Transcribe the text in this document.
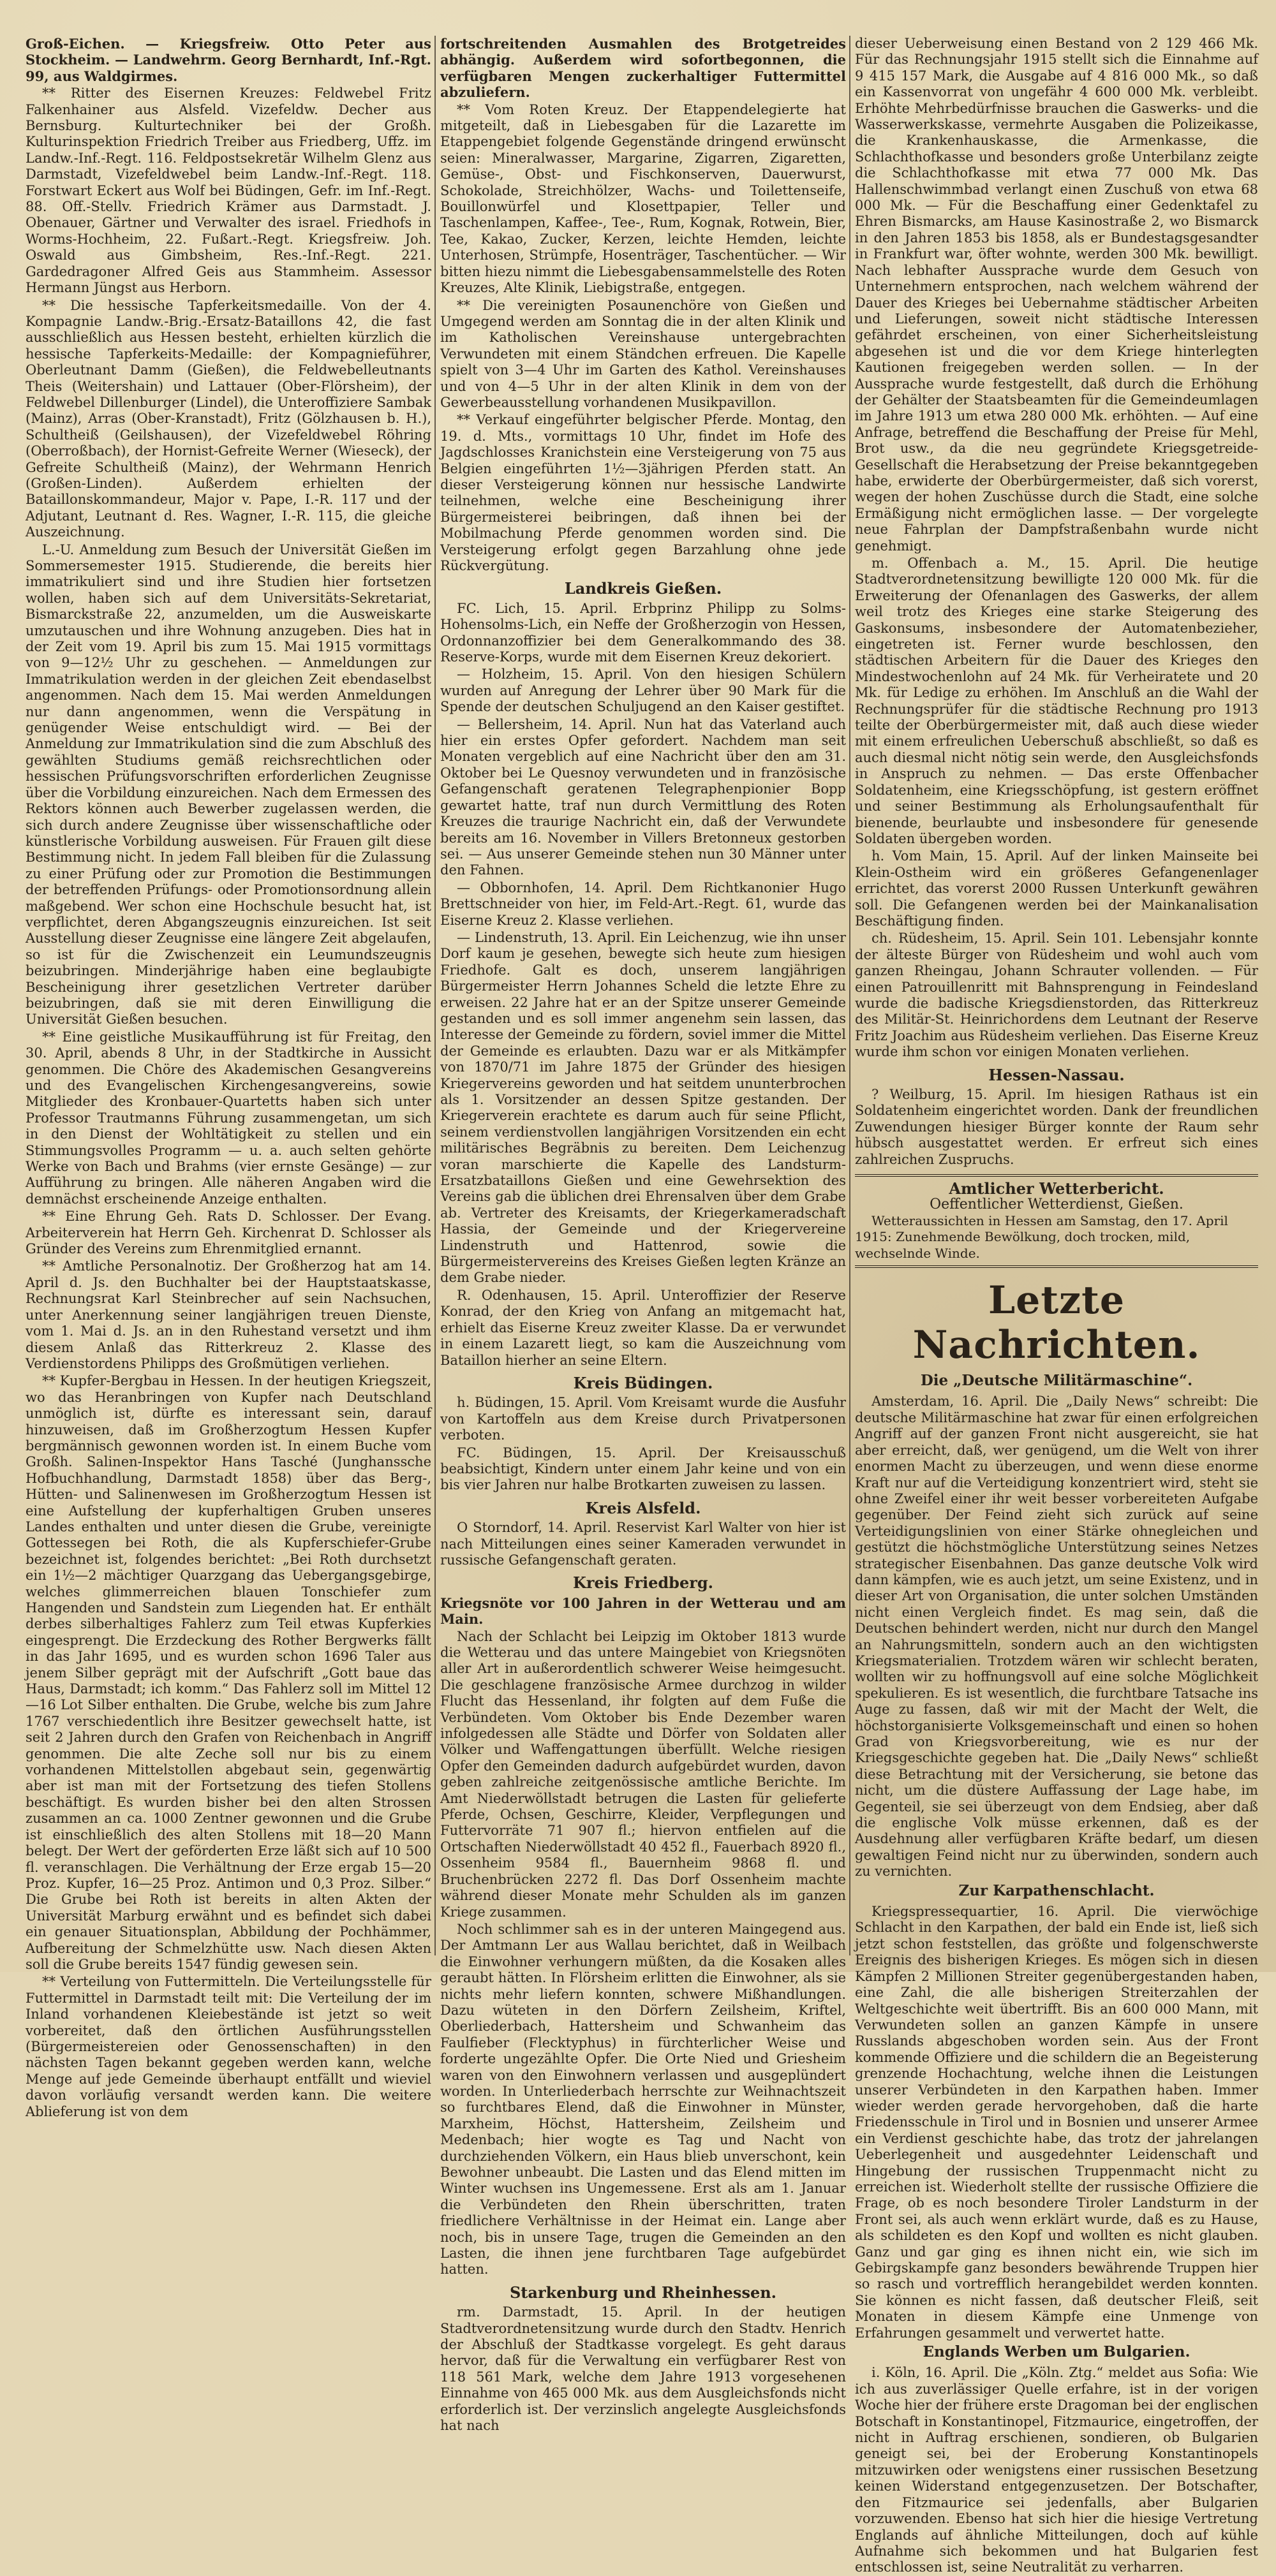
Groß-Eichen. — Kriegsfreiw. Otto Peter aus Stockheim. — Landwehrm. Georg Bernhardt, Inf.-Rgt. 99, aus Waldgirmes.

** Ritter des Eisernen Kreuzes: Feldwebel Fritz Falkenhainer aus Alsfeld. Vizefeldw. Decher aus Bernsburg. Kulturtechniker bei der Großh. Kulturinspektion Friedrich Treiber aus Friedberg, Uffz. im Landw.-Inf.-Regt. 116. Feldpostsekretär Wilhelm Glenz aus Darmstadt, Vizefeldwebel beim Landw.-Inf.-Regt. 118. Forstwart Eckert aus Wolf bei Büdingen, Gefr. im Inf.-Regt. 88. Off.-Stellv. Friedrich Krämer aus Darmstadt. J. Obenauer, Gärtner und Verwalter des israel. Friedhofs in Worms-Hochheim, 22. Fußart.-Regt. Kriegsfreiw. Joh. Oswald aus Gimbsheim, Res.-Inf.-Regt. 221. Gardedragoner Alfred Geis aus Stammheim. Assessor Hermann Jüngst aus Herborn.

** Die hessische Tapferkeitsmedaille. Von der 4. Kompagnie Landw.-Brig.-Ersatz-Bataillons 42, die fast ausschließlich aus Hessen besteht, erhielten kürzlich die hessische Tapferkeits-Medaille: der Kompagnieführer, Oberleutnant Damm (Gießen), die Feldwebelleutnants Theis (Weitershain) und Lattauer (Ober-Flörsheim), der Feldwebel Dillenburger (Lindel), die Unteroffiziere Sambak (Mainz), Arras (Ober-Kranstadt), Fritz (Gölzhausen b. H.), Schultheiß (Geilshausen), der Vizefeldwebel Röhring (Oberroßbach), der Hornist-Gefreite Werner (Wieseck), der Gefreite Schultheiß (Mainz), der Wehrmann Henrich (Großen-Linden). Außerdem erhielten der Bataillonskommandeur, Major v. Pape, I.-R. 117 und der Adjutant, Leutnant d. Res. Wagner, I.-R. 115, die gleiche Auszeichnung.

L.-U. Anmeldung zum Besuch der Universität Gießen im Sommersemester 1915. Studierende, die bereits hier immatrikuliert sind und ihre Studien hier fortsetzen wollen, haben sich auf dem Universitäts-Sekretariat, Bismarckstraße 22, anzumelden, um die Ausweiskarte umzutauschen und ihre Wohnung anzugeben. Dies hat in der Zeit vom 19. April bis zum 15. Mai 1915 vormittags von 9—12½ Uhr zu geschehen. — Anmeldungen zur Immatrikulation werden in der gleichen Zeit ebendaselbst angenommen. Nach dem 15. Mai werden Anmeldungen nur dann angenommen, wenn die Verspätung in genügender Weise entschuldigt wird. — Bei der Anmeldung zur Immatrikulation sind die zum Abschluß des gewählten Studiums gemäß reichsrechtlichen oder hessischen Prüfungsvorschriften erforderlichen Zeugnisse über die Vorbildung einzureichen. Nach dem Ermessen des Rektors können auch Bewerber zugelassen werden, die sich durch andere Zeugnisse über wissenschaftliche oder künstlerische Vorbildung ausweisen. Für Frauen gilt diese Bestimmung nicht. In jedem Fall bleiben für die Zulassung zu einer Prüfung oder zur Promotion die Bestimmungen der betreffenden Prüfungs- oder Promotionsordnung allein maßgebend. Wer schon eine Hochschule besucht hat, ist verpflichtet, deren Abgangszeugnis einzureichen. Ist seit Ausstellung dieser Zeugnisse eine längere Zeit abgelaufen, so ist für die Zwischenzeit ein Leumundszeugnis beizubringen. Minderjährige haben eine beglaubigte Bescheinigung ihrer gesetzlichen Vertreter darüber beizubringen, daß sie mit deren Einwilligung die Universität Gießen besuchen.

** Eine geistliche Musikaufführung ist für Freitag, den 30. April, abends 8 Uhr, in der Stadtkirche in Aussicht genommen. Die Chöre des Akademischen Gesangvereins und des Evangelischen Kirchengesangvereins, sowie Mitglieder des Kronbauer-Quartetts haben sich unter Professor Trautmanns Führung zusammengetan, um sich in den Dienst der Wohltätigkeit zu stellen und ein Stimmungsvolles Programm — u. a. auch selten gehörte Werke von Bach und Brahms (vier ernste Gesänge) — zur Aufführung zu bringen. Alle näheren Angaben wird die demnächst erscheinende Anzeige enthalten.

** Eine Ehrung Geh. Rats D. Schlosser. Der Evang. Arbeiterverein hat Herrn Geh. Kirchenrat D. Schlosser als Gründer des Vereins zum Ehrenmitglied ernannt.

** Amtliche Personalnotiz. Der Großherzog hat am 14. April d. Js. den Buchhalter bei der Hauptstaatskasse, Rechnungsrat Karl Steinbrecher auf sein Nachsuchen, unter Anerkennung seiner langjährigen treuen Dienste, vom 1. Mai d. Js. an in den Ruhestand versetzt und ihm diesem Anlaß das Ritterkreuz 2. Klasse des Verdienstordens Philipps des Großmütigen verliehen.

** Kupfer-Bergbau in Hessen. In der heutigen Kriegszeit, wo das Heranbringen von Kupfer nach Deutschland unmöglich ist, dürfte es interessant sein, darauf hinzuweisen, daß im Großherzogtum Hessen Kupfer bergmännisch gewonnen worden ist. In einem Buche vom Großh. Salinen-Inspektor Hans Tasché (Junghanssche Hofbuchhandlung, Darmstadt 1858) über das Berg-, Hütten- und Salinenwesen im Großherzogtum Hessen ist eine Aufstellung der kupferhaltigen Gruben unseres Landes enthalten und unter diesen die Grube, vereinigte Gottessegen bei Roth, die als Kupferschiefer-Grube bezeichnet ist, folgendes berichtet: „Bei Roth durchsetzt ein 1½—2 mächtiger Quarzgang das Uebergangsgebirge, welches glimmerreichen blauen Tonschiefer zum Hangenden und Sandstein zum Liegenden hat. Er enthält derbes silberhaltiges Fahlerz zum Teil etwas Kupferkies eingesprengt. Die Erzdeckung des Rother Bergwerks fällt in das Jahr 1695, und es wurden schon 1696 Taler aus jenem Silber geprägt mit der Aufschrift „Gott baue das Haus, Darmstadt; ich komm.“ Das Fahlerz soll im Mittel 12—16 Lot Silber enthalten. Die Grube, welche bis zum Jahre 1767 verschiedentlich ihre Besitzer gewechselt hatte, ist seit 2 Jahren durch den Grafen von Reichenbach in Angriff genommen. Die alte Zeche soll nur bis zu einem vorhandenen Mittelstollen abgebaut sein, gegenwärtig aber ist man mit der Fortsetzung des tiefen Stollens beschäftigt. Es wurden bisher bei den alten Strossen zusammen an ca. 1000 Zentner gewonnen und die Grube ist einschließlich des alten Stollens mit 18—20 Mann belegt. Der Wert der geförderten Erze läßt sich auf 10 500 fl. veranschlagen. Die Verhältnung der Erze ergab 15—20 Proz. Kupfer, 16—25 Proz. Antimon und 0,3 Proz. Silber.“ Die Grube bei Roth ist bereits in alten Akten der Universität Marburg erwähnt und es befindet sich dabei ein genauer Situationsplan, Abbildung der Pochhämmer, Aufbereitung der Schmelzhütte usw. Nach diesen Akten soll die Grube bereits 1547 fündig gewesen sein.

** Verteilung von Futtermitteln. Die Verteilungsstelle für Futtermittel in Darmstadt teilt mit: Die Verteilung der im Inland vorhandenen Kleiebestände ist jetzt so weit vorbereitet, daß den örtlichen Ausführungsstellen (Bürgermeistereien oder Genossenschaften) in den nächsten Tagen bekannt gegeben werden kann, welche Menge auf jede Gemeinde überhaupt entfällt und wieviel davon vorläufig versandt werden kann. Die weitere Ablieferung ist von dem

fortschreitenden Ausmahlen des Brotgetreides abhängig. Außerdem wird sofortbegonnen, die verfügbaren Mengen zuckerhaltiger Futtermittel abzuliefern.

** Vom Roten Kreuz. Der Etappendelegierte hat mitgeteilt, daß in Liebesgaben für die Lazarette im Etappengebiet folgende Gegenstände dringend erwünscht seien: Mineralwasser, Margarine, Zigarren, Zigaretten, Gemüse-, Obst- und Fischkonserven, Dauerwurst, Schokolade, Streichhölzer, Wachs- und Toilettenseife, Bouillonwürfel und Klosettpapier, Teller und Taschenlampen, Kaffee-, Tee-, Rum, Kognak, Rotwein, Bier, Tee, Kakao, Zucker, Kerzen, leichte Hemden, leichte Unterhosen, Strümpfe, Hosenträger, Taschentücher. — Wir bitten hiezu nimmt die Liebesgabensammelstelle des Roten Kreuzes, Alte Klinik, Liebigstraße, entgegen.

** Die vereinigten Posaunenchöre von Gießen und Umgegend werden am Sonntag die in der alten Klinik und im Katholischen Vereinshause untergebrachten Verwundeten mit einem Ständchen erfreuen. Die Kapelle spielt von 3—4 Uhr im Garten des Kathol. Vereinshauses und von 4—5 Uhr in der alten Klinik in dem von der Gewerbeausstellung vorhandenen Musikpavillon.

** Verkauf eingeführter belgischer Pferde. Montag, den 19. d. Mts., vormittags 10 Uhr, findet im Hofe des Jagdschlosses Kranichstein eine Versteigerung von 75 aus Belgien eingeführten 1½—3jährigen Pferden statt. An dieser Versteigerung können nur hessische Landwirte teilnehmen, welche eine Bescheinigung ihrer Bürgermeisterei beibringen, daß ihnen bei der Mobilmachung Pferde genommen worden sind. Die Versteigerung erfolgt gegen Barzahlung ohne jede Rückvergütung.

Landkreis Gießen.

FC. Lich, 15. April. Erbprinz Philipp zu Solms-Hohensolms-Lich, ein Neffe der Großherzogin von Hessen, Ordonnanzoffizier bei dem Generalkommando des 38. Reserve-Korps, wurde mit dem Eisernen Kreuz dekoriert.

— Holzheim, 15. April. Von den hiesigen Schülern wurden auf Anregung der Lehrer über 90 Mark für die Spende der deutschen Schuljugend an den Kaiser gestiftet.

— Bellersheim, 14. April. Nun hat das Vaterland auch hier ein erstes Opfer gefordert. Nachdem man seit Monaten vergeblich auf eine Nachricht über den am 31. Oktober bei Le Quesnoy verwundeten und in französische Gefangenschaft geratenen Telegraphenpionier Bopp gewartet hatte, traf nun durch Vermittlung des Roten Kreuzes die traurige Nachricht ein, daß der Verwundete bereits am 16. November in Villers Bretonneux gestorben sei. — Aus unserer Gemeinde stehen nun 30 Männer unter den Fahnen.

— Obbornhofen, 14. April. Dem Richtkanonier Hugo Brettschneider von hier, im Feld-Art.-Regt. 61, wurde das Eiserne Kreuz 2. Klasse verliehen.

— Lindenstruth, 13. April. Ein Leichenzug, wie ihn unser Dorf kaum je gesehen, bewegte sich heute zum hiesigen Friedhofe. Galt es doch, unserem langjährigen Bürgermeister Herrn Johannes Scheld die letzte Ehre zu erweisen. 22 Jahre hat er an der Spitze unserer Gemeinde gestanden und es soll immer angenehm sein lassen, das Interesse der Gemeinde zu fördern, soviel immer die Mittel der Gemeinde es erlaubten. Dazu war er als Mitkämpfer von 1870/71 im Jahre 1875 der Gründer des hiesigen Kriegervereins geworden und hat seitdem ununterbrochen als 1. Vorsitzender an dessen Spitze gestanden. Der Kriegerverein erachtete es darum auch für seine Pflicht, seinem verdienstvollen langjährigen Vorsitzenden ein echt militärisches Begräbnis zu bereiten. Dem Leichenzug voran marschierte die Kapelle des Landsturm-Ersatzbataillons Gießen und eine Gewehrsektion des Vereins gab die üblichen drei Ehrensalven über dem Grabe ab. Vertreter des Kreisamts, der Kriegerkameradschaft Hassia, der Gemeinde und der Kriegervereine Lindenstruth und Hattenrod, sowie die Bürgermeistervereins des Kreises Gießen legten Kränze an dem Grabe nieder.

R. Odenhausen, 15. April. Unteroffizier der Reserve Konrad, der den Krieg von Anfang an mitgemacht hat, erhielt das Eiserne Kreuz zweiter Klasse. Da er verwundet in einem Lazarett liegt, so kam die Auszeichnung vom Bataillon hierher an seine Eltern.

Kreis Büdingen.

h. Büdingen, 15. April. Vom Kreisamt wurde die Ausfuhr von Kartoffeln aus dem Kreise durch Privatpersonen verboten.

FC. Büdingen, 15. April. Der Kreisausschuß beabsichtigt, Kindern unter einem Jahr keine und von ein bis vier Jahren nur halbe Brotkarten zuweisen zu lassen.

Kreis Alsfeld.

O Storndorf, 14. April. Reservist Karl Walter von hier ist nach Mitteilungen eines seiner Kameraden verwundet in russische Gefangenschaft geraten.

Kreis Friedberg.

Kriegsnöte vor 100 Jahren in der Wetterau und am Main.

Nach der Schlacht bei Leipzig im Oktober 1813 wurde die Wetterau und das untere Maingebiet von Kriegsnöten aller Art in außerordentlich schwerer Weise heimgesucht. Die geschlagene französische Armee durchzog in wilder Flucht das Hessenland, ihr folgten auf dem Fuße die Verbündeten. Vom Oktober bis Ende Dezember waren infolgedessen alle Städte und Dörfer von Soldaten aller Völker und Waffengattungen überfüllt. Welche riesigen Opfer den Gemeinden dadurch aufgebürdet wurden, davon geben zahlreiche zeitgenössische amtliche Berichte. Im Amt Niederwöllstadt betrugen die Lasten für gelieferte Pferde, Ochsen, Geschirre, Kleider, Verpflegungen und Futtervorräte 71 907 fl.; hiervon entfielen auf die Ortschaften Niederwöllstadt 40 452 fl., Fauerbach 8920 fl., Ossenheim 9584 fl., Bauernheim 9868 fl. und Bruchenbrücken 2272 fl. Das Dorf Ossenheim machte während dieser Monate mehr Schulden als im ganzen Kriege zusammen.

Noch schlimmer sah es in der unteren Maingegend aus. Der Amtmann Ler aus Wallau berichtet, daß in Weilbach die Einwohner verhungern müßten, da die Kosaken alles geraubt hätten. In Flörsheim erlitten die Einwohner, als sie nichts mehr liefern konnten, schwere Mißhandlungen. Dazu wüteten in den Dörfern Zeilsheim, Kriftel, Oberliederbach, Hattersheim und Schwanheim das Faulfieber (Flecktyphus) in fürchterlicher Weise und forderte ungezählte Opfer. Die Orte Nied und Griesheim waren von den Einwohnern verlassen und ausgeplündert worden. In Unterliederbach herrschte zur Weihnachtszeit so furchtbares Elend, daß die Einwohner in Münster, Marxheim, Höchst, Hattersheim, Zeilsheim und Medenbach; hier wogte es Tag und Nacht von durchziehenden Völkern, ein Haus blieb unverschont, kein Bewohner unbeaubt. Die Lasten und das Elend mitten im Winter wuchsen ins Ungemessene. Erst als am 1. Januar die Verbündeten den Rhein überschritten, traten friedlichere Verhältnisse in der Heimat ein. Lange aber noch, bis in unsere Tage, trugen die Gemeinden an den Lasten, die ihnen jene furchtbaren Tage aufgebürdet hatten.

Starkenburg und Rheinhessen.

rm. Darmstadt, 15. April. In der heutigen Stadtverordnetensitzung wurde durch den Stadtv. Henrich der Abschluß der Stadtkasse vorgelegt. Es geht daraus hervor, daß für die Verwaltung ein verfügbarer Rest von 118 561 Mark, welche dem Jahre 1913 vorgesehenen Einnahme von 465 000 Mk. aus dem Ausgleichsfonds nicht erforderlich ist. Der verzinslich angelegte Ausgleichsfonds hat nach

dieser Ueberweisung einen Bestand von 2 129 466 Mk. Für das Rechnungsjahr 1915 stellt sich die Einnahme auf 9 415 157 Mark, die Ausgabe auf 4 816 000 Mk., so daß ein Kassenvorrat von ungefähr 4 600 000 Mk. verbleibt. Erhöhte Mehrbedürfnisse brauchen die Gaswerks- und die Wasserwerkskasse, vermehrte Ausgaben die Polizeikasse, die Krankenhauskasse, die Armenkasse, die Schlachthofkasse und besonders große Unterbilanz zeigte die Schlachthofkasse mit etwa 77 000 Mk. Das Hallenschwimmbad verlangt einen Zuschuß von etwa 68 000 Mk. — Für die Beschaffung einer Gedenktafel zu Ehren Bismarcks, am Hause Kasinostraße 2, wo Bismarck in den Jahren 1853 bis 1858, als er Bundestagsgesandter in Frankfurt war, öfter wohnte, werden 300 Mk. bewilligt. Nach lebhafter Aussprache wurde dem Gesuch von Unternehmern entsprochen, nach welchem während der Dauer des Krieges bei Uebernahme städtischer Arbeiten und Lieferungen, soweit nicht städtische Interessen gefährdet erscheinen, von einer Sicherheitsleistung abgesehen ist und die vor dem Kriege hinterlegten Kautionen freigegeben werden sollen. — In der Aussprache wurde festgestellt, daß durch die Erhöhung der Gehälter der Staatsbeamten für die Gemeindeumlagen im Jahre 1913 um etwa 280 000 Mk. erhöhten. — Auf eine Anfrage, betreffend die Beschaffung der Preise für Mehl, Brot usw., da die neu gegründete Kriegsgetreide-Gesellschaft die Herabsetzung der Preise bekanntgegeben habe, erwiderte der Oberbürgermeister, daß sich vorerst, wegen der hohen Zuschüsse durch die Stadt, eine solche Ermäßigung nicht ermöglichen lasse. — Der vorgelegte neue Fahrplan der Dampfstraßenbahn wurde nicht genehmigt.

m. Offenbach a. M., 15. April. Die heutige Stadtverordnetensitzung bewilligte 120 000 Mk. für die Erweiterung der Ofenanlagen des Gaswerks, der allem weil trotz des Krieges eine starke Steigerung des Gaskonsums, insbesondere der Automatenbezieher, eingetreten ist. Ferner wurde beschlossen, den städtischen Arbeitern für die Dauer des Krieges den Mindestwochenlohn auf 24 Mk. für Verheiratete und 20 Mk. für Ledige zu erhöhen. Im Anschluß an die Wahl der Rechnungsprüfer für die städtische Rechnung pro 1913 teilte der Oberbürgermeister mit, daß auch diese wieder mit einem erfreulichen Ueberschuß abschließt, so daß es auch diesmal nicht nötig sein werde, den Ausgleichsfonds in Anspruch zu nehmen. — Das erste Offenbacher Soldatenheim, eine Kriegsschöpfung, ist gestern eröffnet und seiner Bestimmung als Erholungsaufenthalt für bienende, beurlaubte und insbesondere für genesende Soldaten übergeben worden.

h. Vom Main, 15. April. Auf der linken Mainseite bei Klein-Ostheim wird ein größeres Gefangenenlager errichtet, das vorerst 2000 Russen Unterkunft gewähren soll. Die Gefangenen werden bei der Mainkanalisation Beschäftigung finden.

ch. Rüdesheim, 15. April. Sein 101. Lebensjahr konnte der älteste Bürger von Rüdesheim und wohl auch vom ganzen Rheingau, Johann Schrauter vollenden. — Für einen Patrouillenritt mit Bahnsprengung in Feindesland wurde die badische Kriegsdienstorden, das Ritterkreuz des Militär-St. Heinrichordens dem Leutnant der Reserve Fritz Joachim aus Rüdesheim verliehen. Das Eiserne Kreuz wurde ihm schon vor einigen Monaten verliehen.

Hessen-Nassau.

? Weilburg, 15. April. Im hiesigen Rathaus ist ein Soldatenheim eingerichtet worden. Dank der freundlichen Zuwendungen hiesiger Bürger konnte der Raum sehr hübsch ausgestattet werden. Er erfreut sich eines zahlreichen Zuspruchs.

Amtlicher Wetterbericht.
Oeffentlicher Wetterdienst, Gießen.
Wetteraussichten in Hessen am Samstag, den 17. April 1915: Zunehmende Bewölkung, doch trocken, mild, wechselnde Winde.
Letzte Nachrichten.
Die „Deutsche Militärmaschine“.

Amsterdam, 16. April. Die „Daily News“ schreibt: Die deutsche Militärmaschine hat zwar für einen erfolgreichen Angriff auf der ganzen Front nicht ausgereicht, sie hat aber erreicht, daß, wer genügend, um die Welt von ihrer enormen Macht zu überzeugen, und wenn diese enorme Kraft nur auf die Verteidigung konzentriert wird, steht sie ohne Zweifel einer ihr weit besser vorbereiteten Aufgabe gegenüber. Der Feind zieht sich zurück auf seine Verteidigungslinien von einer Stärke ohnegleichen und gestützt die höchstmögliche Unterstützung seines Netzes strategischer Eisenbahnen. Das ganze deutsche Volk wird dann kämpfen, wie es auch jetzt, um seine Existenz, und in dieser Art von Organisation, die unter solchen Umständen nicht einen Vergleich findet. Es mag sein, daß die Deutschen behindert werden, nicht nur durch den Mangel an Nahrungsmitteln, sondern auch an den wichtigsten Kriegsmaterialien. Trotzdem wären wir schlecht beraten, wollten wir zu hoffnungsvoll auf eine solche Möglichkeit spekulieren. Es ist wesentlich, die furchtbare Tatsache ins Auge zu fassen, daß wir mit der Macht der Welt, die höchstorganisierte Volksgemeinschaft und einen so hohen Grad von Kriegsvorbereitung, wie es nur der Kriegsgeschichte gegeben hat. Die „Daily News“ schließt diese Betrachtung mit der Versicherung, sie betone das nicht, um die düstere Auffassung der Lage habe, im Gegenteil, sie sei überzeugt von dem Endsieg, aber daß die englische Volk müsse erkennen, daß es der Ausdehnung aller verfügbaren Kräfte bedarf, um diesen gewaltigen Feind nicht nur zu überwinden, sondern auch zu vernichten.

Zur Karpathenschlacht.

Kriegspressequartier, 16. April. Die vierwöchige Schlacht in den Karpathen, der bald ein Ende ist, ließ sich jetzt schon feststellen, das größte und folgenschwerste Ereignis des bisherigen Krieges. Es mögen sich in diesen Kämpfen 2 Millionen Streiter gegenübergestanden haben, eine Zahl, die alle bisherigen Streiterzahlen der Weltgeschichte weit übertrifft. Bis an 600 000 Mann, mit Verwundeten sollen an ganzen Kämpfe in unsere Russlands abgeschoben worden sein. Aus der Front kommende Offiziere und die schildern die an Begeisterung grenzende Hochachtung, welche ihnen die Leistungen unserer Verbündeten in den Karpathen haben. Immer wieder werden gerade hervorgehoben, daß die harte Friedensschule in Tirol und in Bosnien und unserer Armee ein Verdienst geschichte habe, das trotz der jahrelangen Ueberlegenheit und ausgedehnter Leidenschaft und Hingebung der russischen Truppenmacht nicht zu erreichen ist. Wiederholt stellte der russische Offiziere die Frage, ob es noch besondere Tiroler Landsturm in der Front sei, als auch wenn erklärt wurde, daß es zu Hause, als schildeten es den Kopf und wollten es nicht glauben. Ganz und gar ging es ihnen nicht ein, wie sich im Gebirgskampfe ganz besonders bewährende Truppen hier so rasch und vortrefflich herangebildet werden konnten. Sie können es nicht fassen, daß deutscher Fleiß, seit Monaten in diesem Kämpfe eine Unmenge von Erfahrungen gesammelt und verwertet hatte.

Englands Werben um Bulgarien.

i. Köln, 16. April. Die „Köln. Ztg.“ meldet aus Sofia: Wie ich aus zuverlässiger Quelle erfahre, ist in der vorigen Woche hier der frühere erste Dragoman bei der englischen Botschaft in Konstantinopel, Fitzmaurice, eingetroffen, der nicht in Auftrag erschienen, sondieren, ob Bulgarien geneigt sei, bei der Eroberung Konstantinopels mitzuwirken oder wenigstens einer russischen Besetzung keinen Widerstand entgegenzusetzen. Der Botschafter, den Fitzmaurice sei jedenfalls, aber Bulgarien vorzuwenden. Ebenso hat sich hier die hiesige Vertretung Englands auf ähnliche Mitteilungen, doch auf kühle Aufnahme sich bekommen und hat Bulgarien fest entschlossen ist, seine Neutralität zu verharren.
